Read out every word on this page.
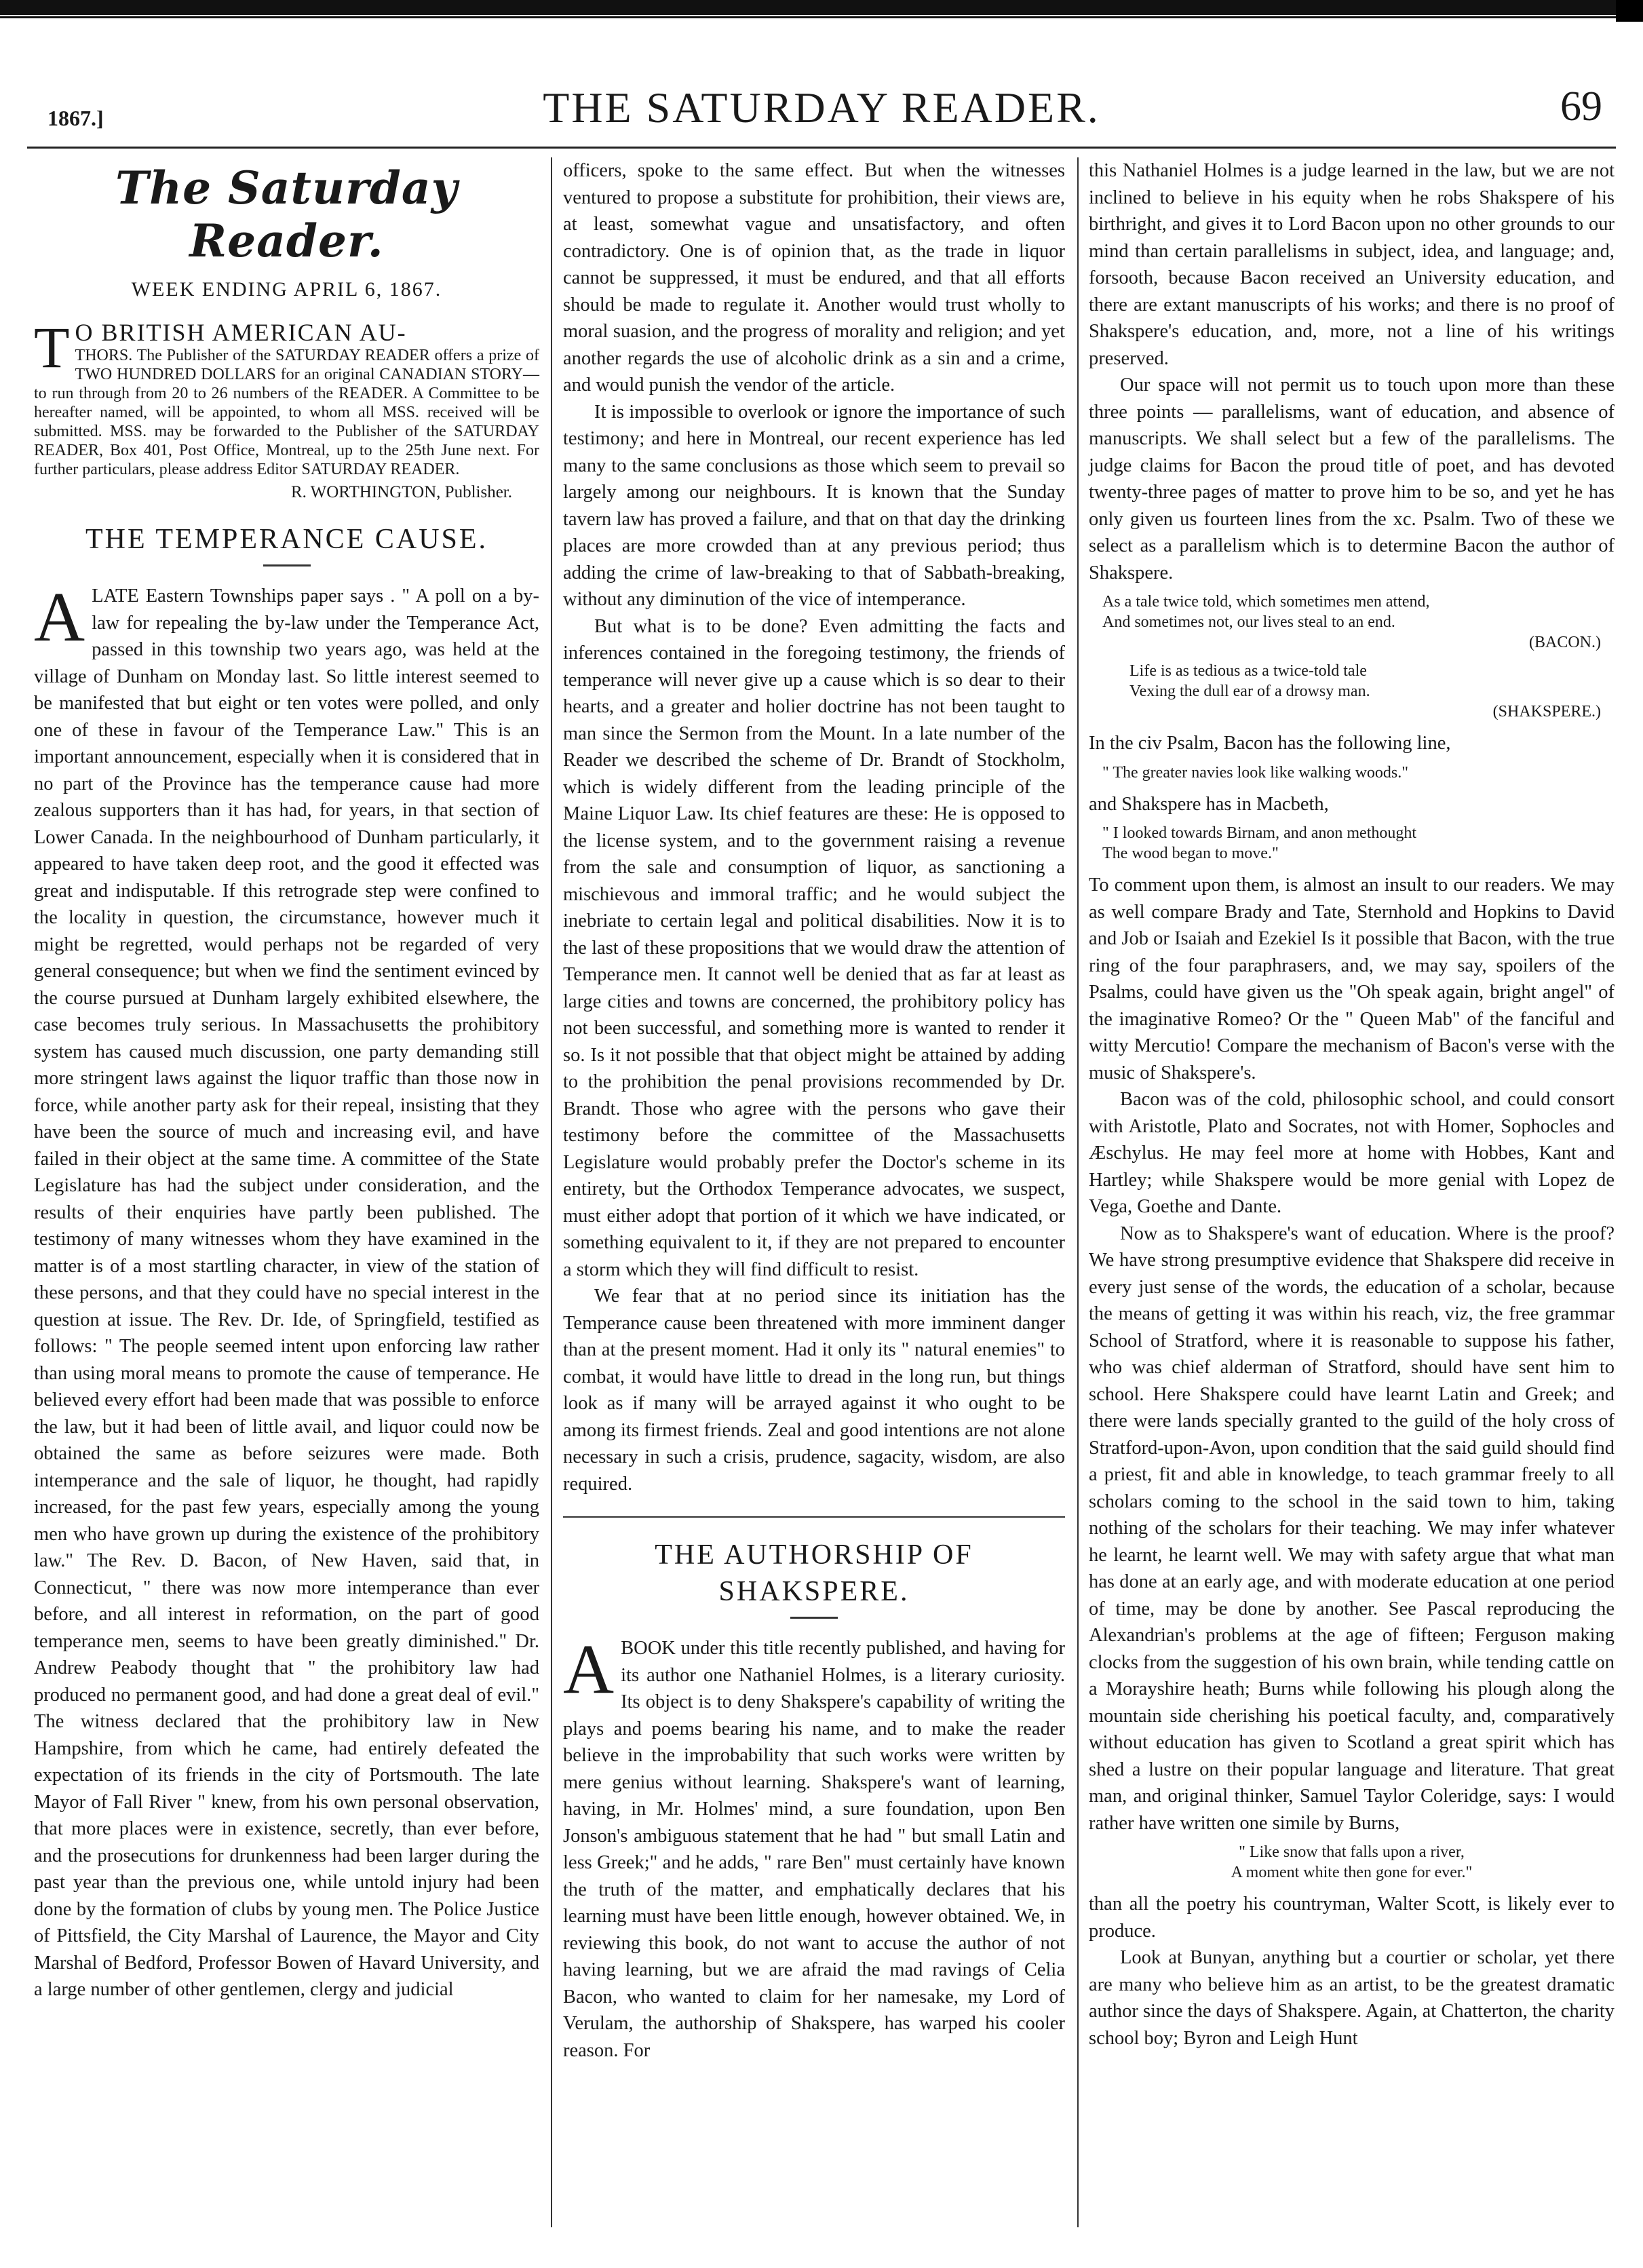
1867.]	THE SATURDAY READER.	69
The Saturday Reader.
WEEK ENDING APRIL 6, 1867.
T O BRITISH AMERICAN AU-
THORS. The Publisher of the SATURDAY READER offers a prize of TWO HUNDRED DOLLARS for an original CANADIAN STORY—to run through from 20 to 26 numbers of the READER. A Committee to be hereafter named, will be appointed, to whom all MSS. received will be submitted. MSS. may be forwarded to the Publisher of the SATURDAY READER, Box 401, Post Office, Montreal, up to the 25th June next. For further particulars, please address Editor SATURDAY READER.
R. WORTHINGTON, Publisher.
THE TEMPERANCE CAUSE.
A LATE Eastern Townships paper says . " A poll on a by-law for repealing the by-law under the Temperance Act, passed in this township two years ago, was held at the village of Dunham on Monday last. So little interest seemed to be manifested that but eight or ten votes were polled, and only one of these in favour of the Temperance Law." This is an important announcement, especially when it is considered that in no part of the Province has the temperance cause had more zealous supporters than it has had, for years, in that section of Lower Canada. In the neighbourhood of Dunham particularly, it appeared to have taken deep root, and the good it effected was great and indisputable. If this retrograde step were confined to the locality in question, the circumstance, however much it might be regretted, would perhaps not be regarded of very general consequence; but when we find the sentiment evinced by the course pursued at Dunham largely exhibited elsewhere, the case becomes truly serious. In Massachusetts the prohibitory system has caused much discussion, one party demanding still more stringent laws against the liquor traffic than those now in force, while another party ask for their repeal, insisting that they have been the source of much and increasing evil, and have failed in their object at the same time. A committee of the State Legislature has had the subject under consideration, and the results of their enquiries have partly been published. The testimony of many witnesses whom they have examined in the matter is of a most startling character, in view of the station of these persons, and that they could have no special interest in the question at issue. The Rev. Dr. Ide, of Springfield, testified as follows: " The people seemed intent upon enforcing law rather than using moral means to promote the cause of temperance. He believed every effort had been made that was possible to enforce the law, but it had been of little avail, and liquor could now be obtained the same as before seizures were made. Both intemperance and the sale of liquor, he thought, had rapidly increased, for the past few years, especially among the young men who have grown up during the existence of the prohibitory law." The Rev. D. Bacon, of New Haven, said that, in Connecticut, " there was now more intemperance than ever before, and all interest in reformation, on the part of good temperance men, seems to have been greatly diminished." Dr. Andrew Peabody thought that " the prohibitory law had produced no permanent good, and had done a great deal of evil." The witness declared that the prohibitory law in New Hampshire, from which he came, had entirely defeated the expectation of its friends in the city of Portsmouth. The late Mayor of Fall River " knew, from his own personal observation, that more places were in existence, secretly, than ever before, and the prosecutions for drunkenness had been larger during the past year than the previous one, while untold injury had been done by the formation of clubs by young men. The Police Justice of Pittsfield, the City Marshal of Laurence, the Mayor and City Marshal of Bedford, Professor Bowen of Havard University, and a large number of other gentlemen, clergy and judicial

officers, spoke to the same effect. But when the witnesses ventured to propose a substitute for prohibition, their views are, at least, somewhat vague and unsatisfactory, and often contradictory. One is of opinion that, as the trade in liquor cannot be suppressed, it must be endured, and that all efforts should be made to regulate it. Another would trust wholly to moral suasion, and the progress of morality and religion; and yet another regards the use of alcoholic drink as a sin and a crime, and would punish the vendor of the article.

It is impossible to overlook or ignore the importance of such testimony; and here in Montreal, our recent experience has led many to the same conclusions as those which seem to prevail so largely among our neighbours. It is known that the Sunday tavern law has proved a failure, and that on that day the drinking places are more crowded than at any previous period; thus adding the crime of law-breaking to that of Sabbath-breaking, without any diminution of the vice of intemperance.

But what is to be done? Even admitting the facts and inferences contained in the foregoing testimony, the friends of temperance will never give up a cause which is so dear to their hearts, and a greater and holier doctrine has not been taught to man since the Sermon from the Mount. In a late number of the Reader we described the scheme of Dr. Brandt of Stockholm, which is widely different from the leading principle of the Maine Liquor Law. Its chief features are these: He is opposed to the license system, and to the government raising a revenue from the sale and consumption of liquor, as sanctioning a mischievous and immoral traffic; and he would subject the inebriate to certain legal and political disabilities. Now it is to the last of these propositions that we would draw the attention of Temperance men. It cannot well be denied that as far at least as large cities and towns are concerned, the prohibitory policy has not been successful, and something more is wanted to render it so. Is it not possible that that object might be attained by adding to the prohibition the penal provisions recommended by Dr. Brandt. Those who agree with the persons who gave their testimony before the committee of the Massachusetts Legislature would probably prefer the Doctor's scheme in its entirety, but the Orthodox Temperance advocates, we suspect, must either adopt that portion of it which we have indicated, or something equivalent to it, if they are not prepared to encounter a storm which they will find difficult to resist.

We fear that at no period since its initiation has the Temperance cause been threatened with more imminent danger than at the present moment. Had it only its " natural enemies" to combat, it would have little to dread in the long run, but things look as if many will be arrayed against it who ought to be among its firmest friends. Zeal and good intentions are not alone necessary in such a crisis, prudence, sagacity, wisdom, are also required.

THE AUTHORSHIP OF SHAKSPERE.
A BOOK under this title recently published, and having for its author one Nathaniel Holmes, is a literary curiosity. Its object is to deny Shakspere's capability of writing the plays and poems bearing his name, and to make the reader believe in the improbability that such works were written by mere genius without learning. Shakspere's want of learning, having, in Mr. Holmes' mind, a sure foundation, upon Ben Jonson's ambiguous statement that he had " but small Latin and less Greek;" and he adds, " rare Ben" must certainly have known the truth of the matter, and emphatically declares that his learning must have been little enough, however obtained. We, in reviewing this book, do not want to accuse the author of not having learning, but we are afraid the mad ravings of Celia Bacon, who wanted to claim for her namesake, my Lord of Verulam, the authorship of Shakspere, has warped his cooler reason. For

this Nathaniel Holmes is a judge learned in the law, but we are not inclined to believe in his equity when he robs Shakspere of his birthright, and gives it to Lord Bacon upon no other grounds to our mind than certain parallelisms in subject, idea, and language; and, forsooth, because Bacon received an University education, and there are extant manuscripts of his works; and there is no proof of Shakspere's education, and, more, not a line of his writings preserved.

Our space will not permit us to touch upon more than these three points — parallelisms, want of education, and absence of manuscripts. We shall select but a few of the parallelisms. The judge claims for Bacon the proud title of poet, and has devoted twenty-three pages of matter to prove him to be so, and yet he has only given us fourteen lines from the xc. Psalm. Two of these we select as a parallelism which is to determine Bacon the author of Shakspere.

As a tale twice told, which sometimes men attend,
And sometimes not, our lives steal to an end.
(BACON.)
Life is as tedious as a twice-told tale
Vexing the dull ear of a drowsy man.
(SHAKSPERE.)

In the civ Psalm, Bacon has the following line,

" The greater navies look like walking woods."

and Shakspere has in Macbeth,

" I looked towards Birnam, and anon methought
The wood began to move."

To comment upon them, is almost an insult to our readers. We may as well compare Brady and Tate, Sternhold and Hopkins to David and Job or Isaiah and Ezekiel Is it possible that Bacon, with the true ring of the four paraphrasers, and, we may say, spoilers of the Psalms, could have given us the "Oh speak again, bright angel" of the imaginative Romeo? Or the " Queen Mab" of the fanciful and witty Mercutio! Compare the mechanism of Bacon's verse with the music of Shakspere's.

Bacon was of the cold, philosophic school, and could consort with Aristotle, Plato and Socrates, not with Homer, Sophocles and Æschylus. He may feel more at home with Hobbes, Kant and Hartley; while Shakspere would be more genial with Lopez de Vega, Goethe and Dante.

Now as to Shakspere's want of education. Where is the proof? We have strong presumptive evidence that Shakspere did receive in every just sense of the words, the education of a scholar, because the means of getting it was within his reach, viz, the free grammar School of Stratford, where it is reasonable to suppose his father, who was chief alderman of Stratford, should have sent him to school. Here Shakspere could have learnt Latin and Greek; and there were lands specially granted to the guild of the holy cross of Stratford-upon-Avon, upon condition that the said guild should find a priest, fit and able in knowledge, to teach grammar freely to all scholars coming to the school in the said town to him, taking nothing of the scholars for their teaching. We may infer whatever he learnt, he learnt well. We may with safety argue that what man has done at an early age, and with moderate education at one period of time, may be done by another. See Pascal reproducing the Alexandrian's problems at the age of fifteen; Ferguson making clocks from the suggestion of his own brain, while tending cattle on a Morayshire heath; Burns while following his plough along the mountain side cherishing his poetical faculty, and, comparatively without education has given to Scotland a great spirit which has shed a lustre on their popular language and literature. That great man, and original thinker, Samuel Taylor Coleridge, says: I would rather have written one simile by Burns,

" Like snow that falls upon a river,
A moment white then gone for ever."

than all the poetry his countryman, Walter Scott, is likely ever to produce.

Look at Bunyan, anything but a courtier or scholar, yet there are many who believe him as an artist, to be the greatest dramatic author since the days of Shakspere. Again, at Chatterton, the charity school boy; Byron and Leigh Hunt
